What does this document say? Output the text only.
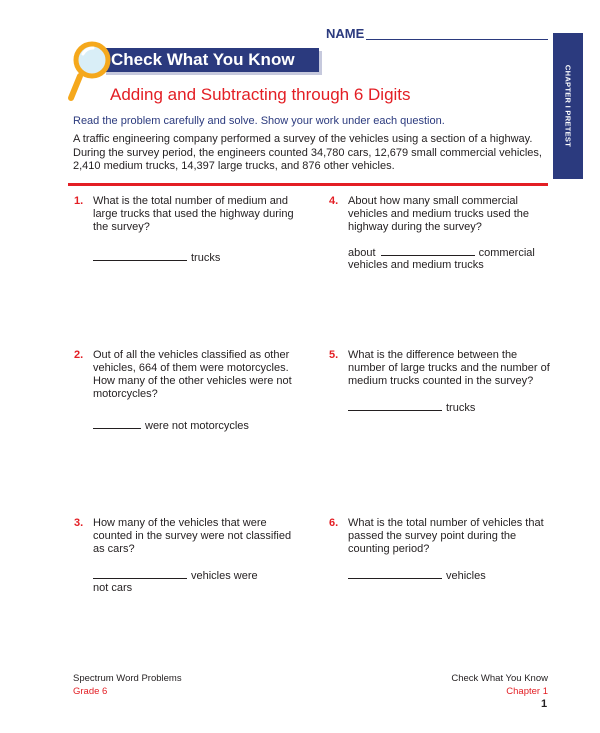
NAME
CHAPTER I PRETEST
Check What You Know
Adding and Subtracting through 6 Digits
Read the problem carefully and solve. Show your work under each question.
A traffic engineering company performed a survey of the vehicles using a section of a highway. During the survey period, the engineers counted 34,780 cars, 12,679 small commercial vehicles, 2,410 medium trucks, 14,397 large trucks, and 876 other vehicles.
1. What is the total number of medium and large trucks that used the highway during the survey?
trucks
2. Out of all the vehicles classified as other vehicles, 664 of them were motorcycles. How many of the other vehicles were not motorcycles?
were not motorcycles
3. How many of the vehicles that were counted in the survey were not classified as cars?
vehicles were
not cars
4. About how many small commercial vehicles and medium trucks used the highway during the survey?
about	commercial
vehicles and medium trucks
5. What is the difference between the number of large trucks and the number of medium trucks counted in the survey?
trucks
6. What is the total number of vehicles that passed the survey point during the counting period?
vehicles
Spectrum Word Problems
Grade 6
Check What You Know
Chapter 1
1
